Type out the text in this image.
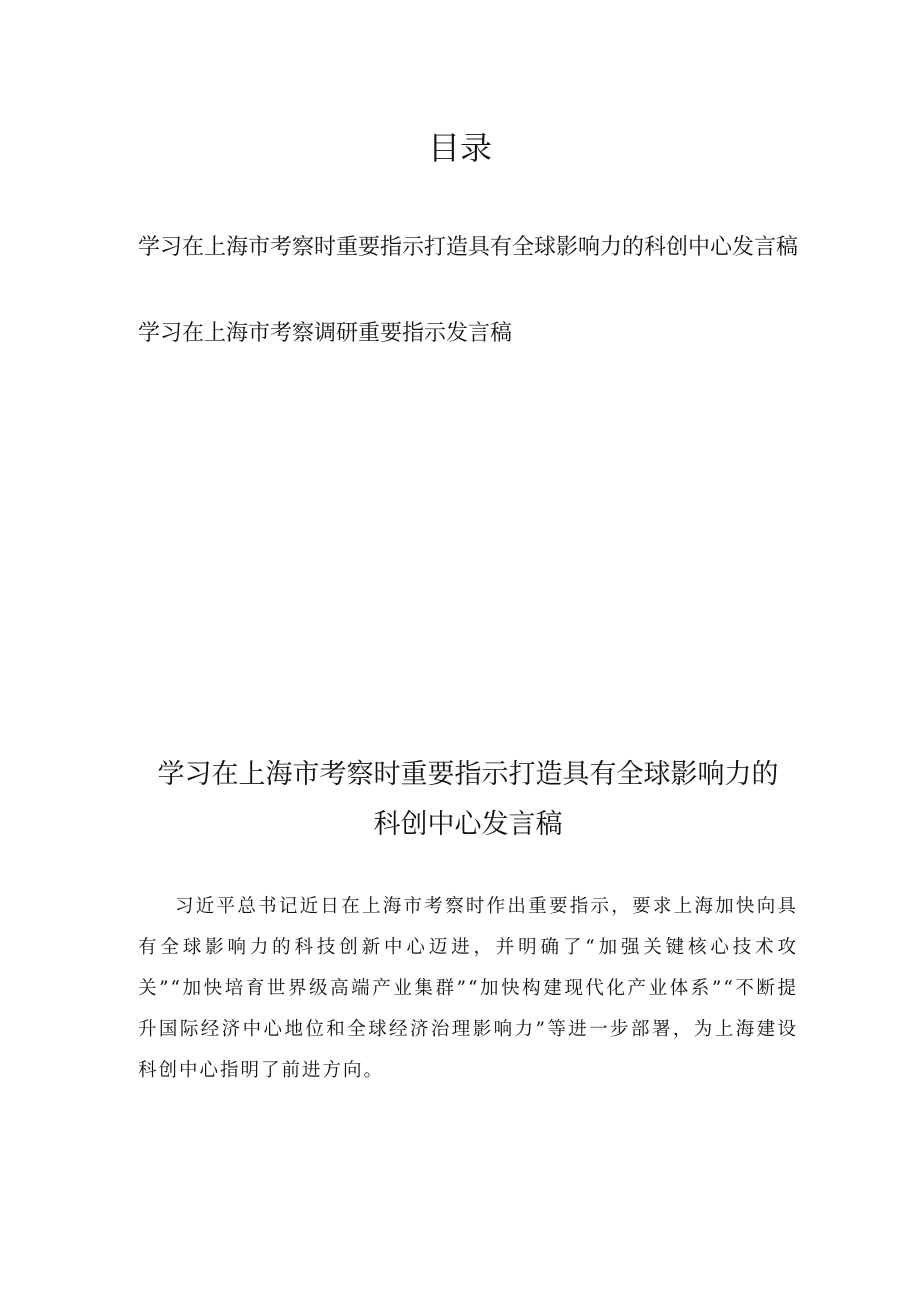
目录
学习在上海市考察时重要指示打造具有全球影响力的科创中心发言稿
学习在上海市考察调研重要指示发言稿
学习在上海市考察时重要指示打造具有全球影响力的科创中心发言稿

习近平总书记近日在上海市考察时作出重要指示，要求上海加快向具有全球影响力的科技创新中心迈进，并明确了“加强关键核心技术攻关”“加快培育世界级高端产业集群”“加快构建现代化产业体系”“不断提升国际经济中心地位和全球经济治理影响力”等进一步部署，为上海建设科创中心指明了前进方向。
